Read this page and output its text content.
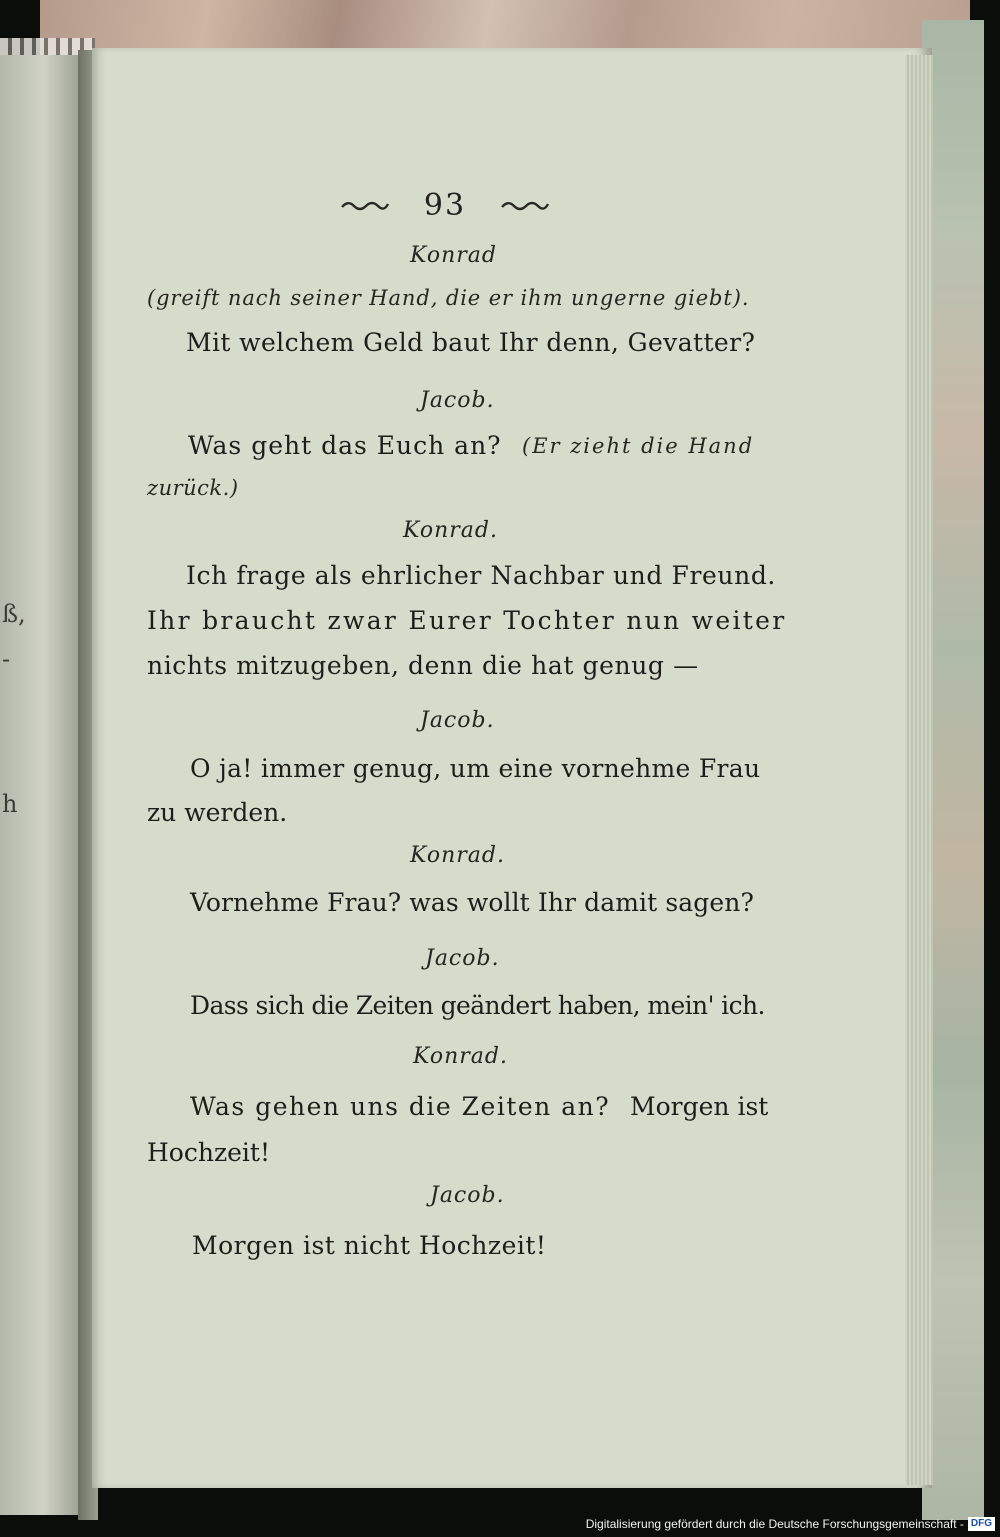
ß,
-
h
93
Konrad
(greift nach seiner Hand, die er ihm ungerne giebt).
Mit welchem Geld baut Ihr denn, Gevatter?
Jacob.
Was geht das Euch an? (Er zieht die Hand
zurück.)
Konrad.
Ich frage als ehrlicher Nachbar und Freund.
Ihr braucht zwar Eurer Tochter nun weiter
nichts mitzugeben, denn die hat genug —
Jacob.
O ja! immer genug, um eine vornehme Frau
zu werden.
Konrad.
Vornehme Frau? was wollt Ihr damit sagen?
Jacob.
Dass sich die Zeiten geändert haben, mein' ich.
Konrad.
Was gehen uns die Zeiten an? Morgen ist
Hochzeit!
Jacob.
Morgen ist nicht Hochzeit!
Digitalisierung gefördert durch die Deutsche Forschungsgemeinschaft - DFG
